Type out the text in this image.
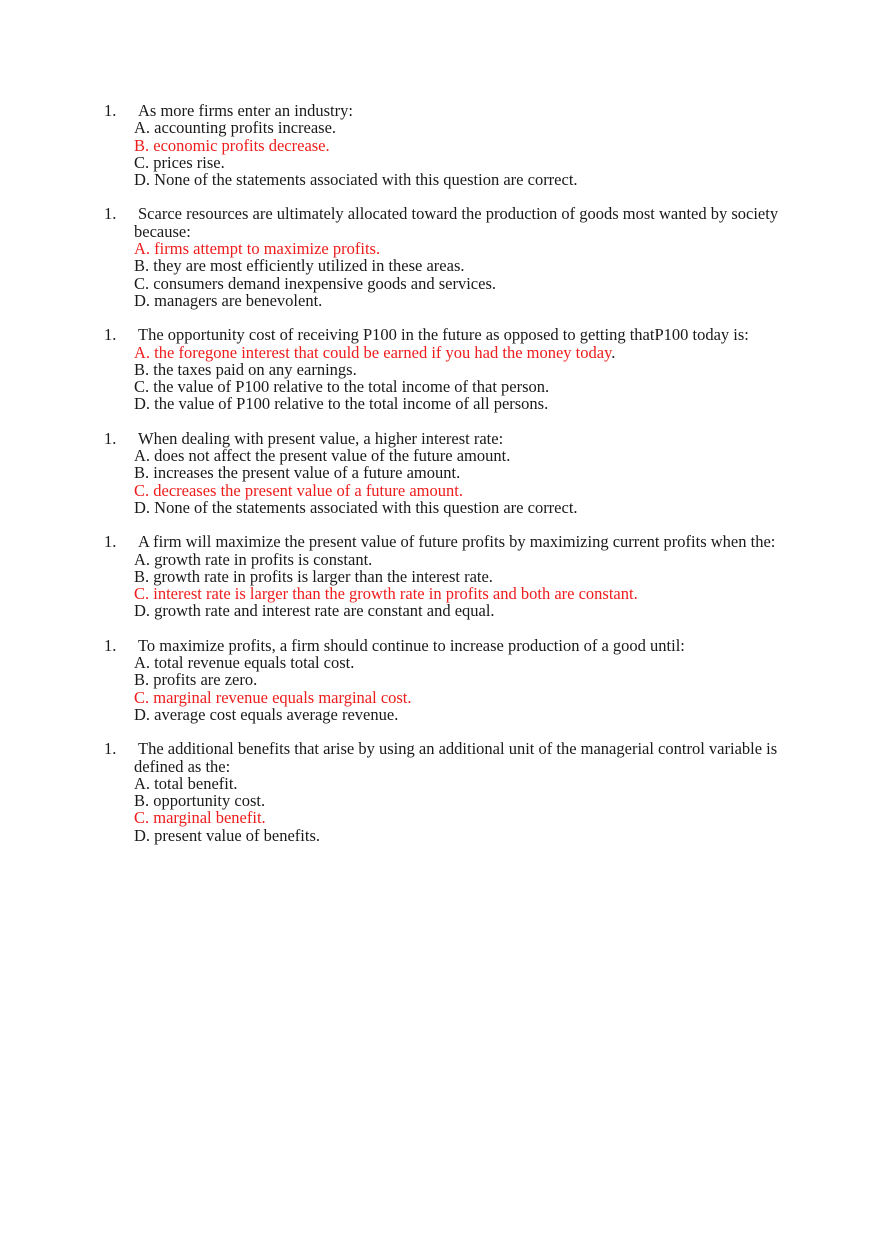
1. As more firms enter an industry:
A. accounting profits increase.
B. economic profits decrease.
C. prices rise.
D. None of the statements associated with this question are correct.
1. Scarce resources are ultimately allocated toward the production of goods most wanted by society because:
A. firms attempt to maximize profits.
B. they are most efficiently utilized in these areas.
C. consumers demand inexpensive goods and services.
D. managers are benevolent.
1. The opportunity cost of receiving P100 in the future as opposed to getting thatP100 today is:
A. the foregone interest that could be earned if you had the money today.
B. the taxes paid on any earnings.
C. the value of P100 relative to the total income of that person.
D. the value of P100 relative to the total income of all persons.
1. When dealing with present value, a higher interest rate:
A. does not affect the present value of the future amount.
B. increases the present value of a future amount.
C. decreases the present value of a future amount.
D. None of the statements associated with this question are correct.
1. A firm will maximize the present value of future profits by maximizing current profits when the:
A. growth rate in profits is constant.
B. growth rate in profits is larger than the interest rate.
C. interest rate is larger than the growth rate in profits and both are constant.
D. growth rate and interest rate are constant and equal.
1. To maximize profits, a firm should continue to increase production of a good until:
A. total revenue equals total cost.
B. profits are zero.
C. marginal revenue equals marginal cost.
D. average cost equals average revenue.
1. The additional benefits that arise by using an additional unit of the managerial control variable is defined as the:
A. total benefit.
B. opportunity cost.
C. marginal benefit.
D. present value of benefits.
